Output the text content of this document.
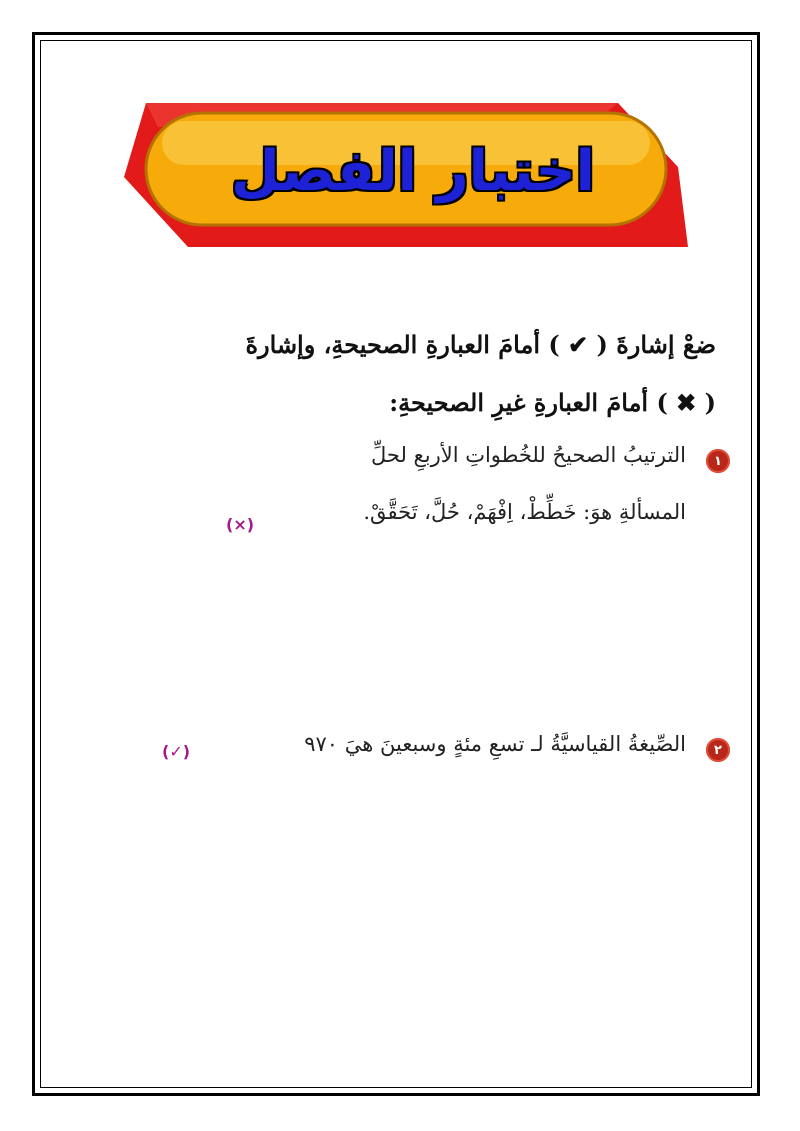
اختبار الفصل
ضعْ إشارةَ ( ✔ ) أمامَ العبارةِ الصحيحةِ، وإشارةَ
( ✖ ) أمامَ العبارةِ غيرِ الصحيحةِ:
١
الترتيبُ الصحيحُ للخُطواتِ الأربعِ لحلِّ
المسألةِ هوَ: خَطِّطْ، اِفْهَمْ، حُلَّ، تَحَقَّقْ.
(×)
٢
الصِّيغةُ القياسيَّةُ لـ تسعِ مئةٍ وسبعينَ هيَ ٩٧٠
(✓)
